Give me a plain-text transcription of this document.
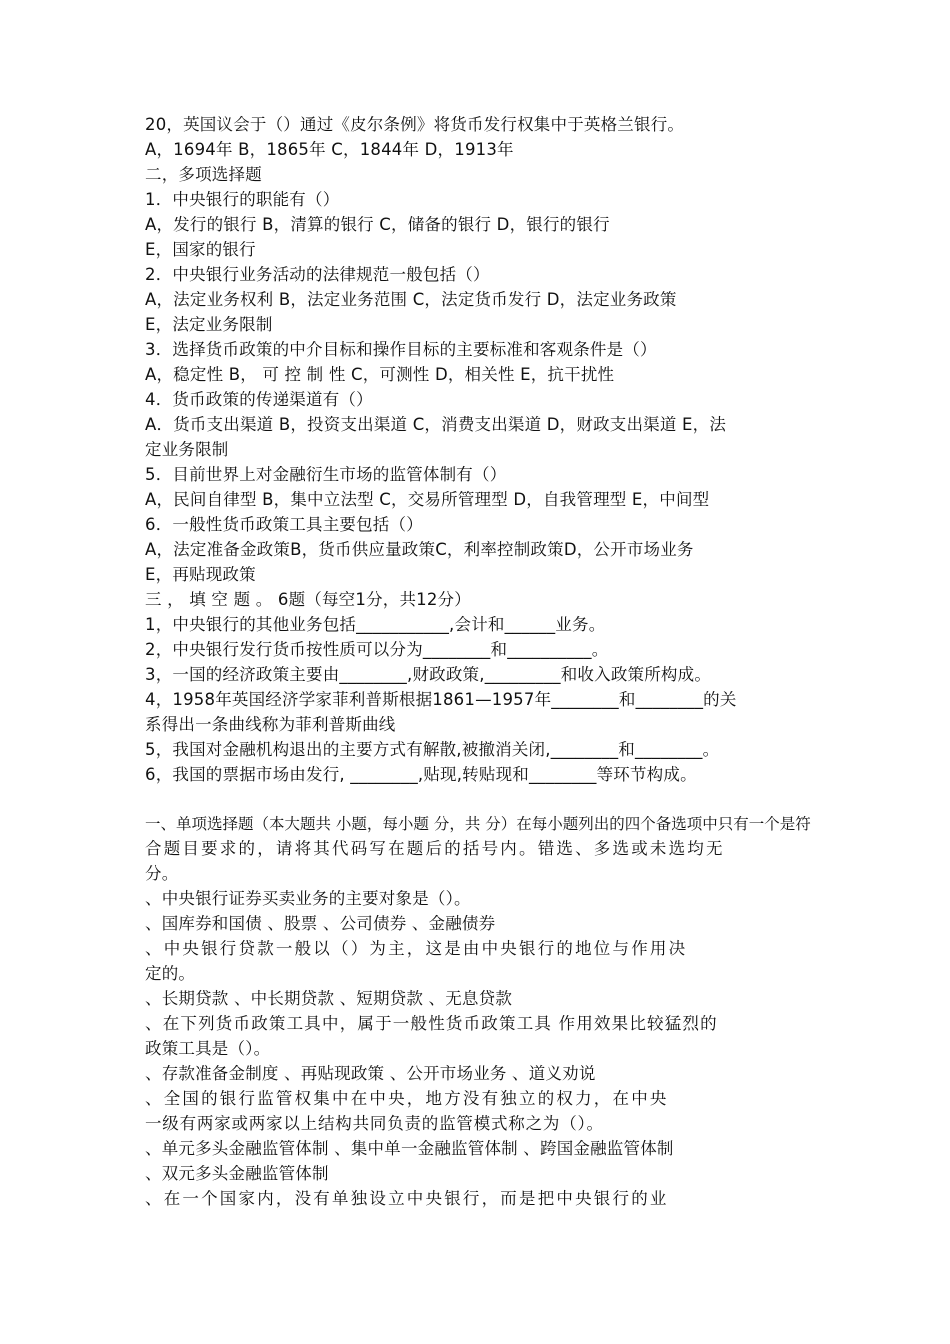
20，英国议会于（）通过《皮尔条例》将货币发行权集中于英格兰银行。
A，1694年 B，1865年 C，1844年 D，1913年
二，多项选择题
1．中央银行的职能有（）
A，发行的银行 B，清算的银行 C，储备的银行 D，银行的银行
E，国家的银行
2．中央银行业务活动的法律规范一般包括（）
A，法定业务权利 B，法定业务范围 C，法定货币发行 D，法定业务政策
E，法定业务限制
3．选择货币政策的中介目标和操作目标的主要标准和客观条件是（）
A，稳定性 B， 可 控 制 性 C，可测性 D，相关性 E，抗干扰性
4．货币政策的传递渠道有（）
A．货币支出渠道 B，投资支出渠道 C，消费支出渠道 D，财政支出渠道 E，法
定业务限制
5．目前世界上对金融衍生市场的监管体制有（）
A，民间自律型 B，集中立法型 C，交易所管理型 D，自我管理型 E，中间型
6．一般性货币政策工具主要包括（）
A，法定准备金政策B，货币供应量政策C，利率控制政策D，公开市场业务
E，再贴现政策
三 ， 填 空 题 。 6题（每空1分，共12分）
1，中央银行的其他业务包括___________,会计和______业务。
2，中央银行发行货币按性质可以分为________和__________。
3，一国的经济政策主要由________,财政政策,_________和收入政策所构成。
4，1958年英国经济学家菲利普斯根据1861—1957年________和________的关
系得出一条曲线称为菲利普斯曲线
5，我国对金融机构退出的主要方式有解散,被撤消关闭,________和________。
6，我国的票据市场由发行, ________,贴现,转贴现和________等环节构成。
一、单项选择题（本大题共 小题，每小题 分，共 分）在每小题列出的四个备选项中只有一个是符
合题目要求的，请将其代码写在题后的括号内。错选、多选或未选均无
分。
、中央银行证券买卖业务的主要对象是（）。
、国库券和国债 、股票 、公司债券 、金融债券
、中央银行贷款一般以（）为主，这是由中央银行的地位与作用决
定的。
、长期贷款 、中长期贷款 、短期贷款 、无息贷款
、在下列货币政策工具中，属于一般性货币政策工具 作用效果比较猛烈的
政策工具是（）。
、存款准备金制度 、再贴现政策 、公开市场业务 、道义劝说
、全国的银行监管权集中在中央，地方没有独立的权力，在中央
一级有两家或两家以上结构共同负责的监管模式称之为（）。
、单元多头金融监管体制 、集中单一金融监管体制 、跨国金融监管体制
、双元多头金融监管体制
、在一个国家内，没有单独设立中央银行，而是把中央银行的业
